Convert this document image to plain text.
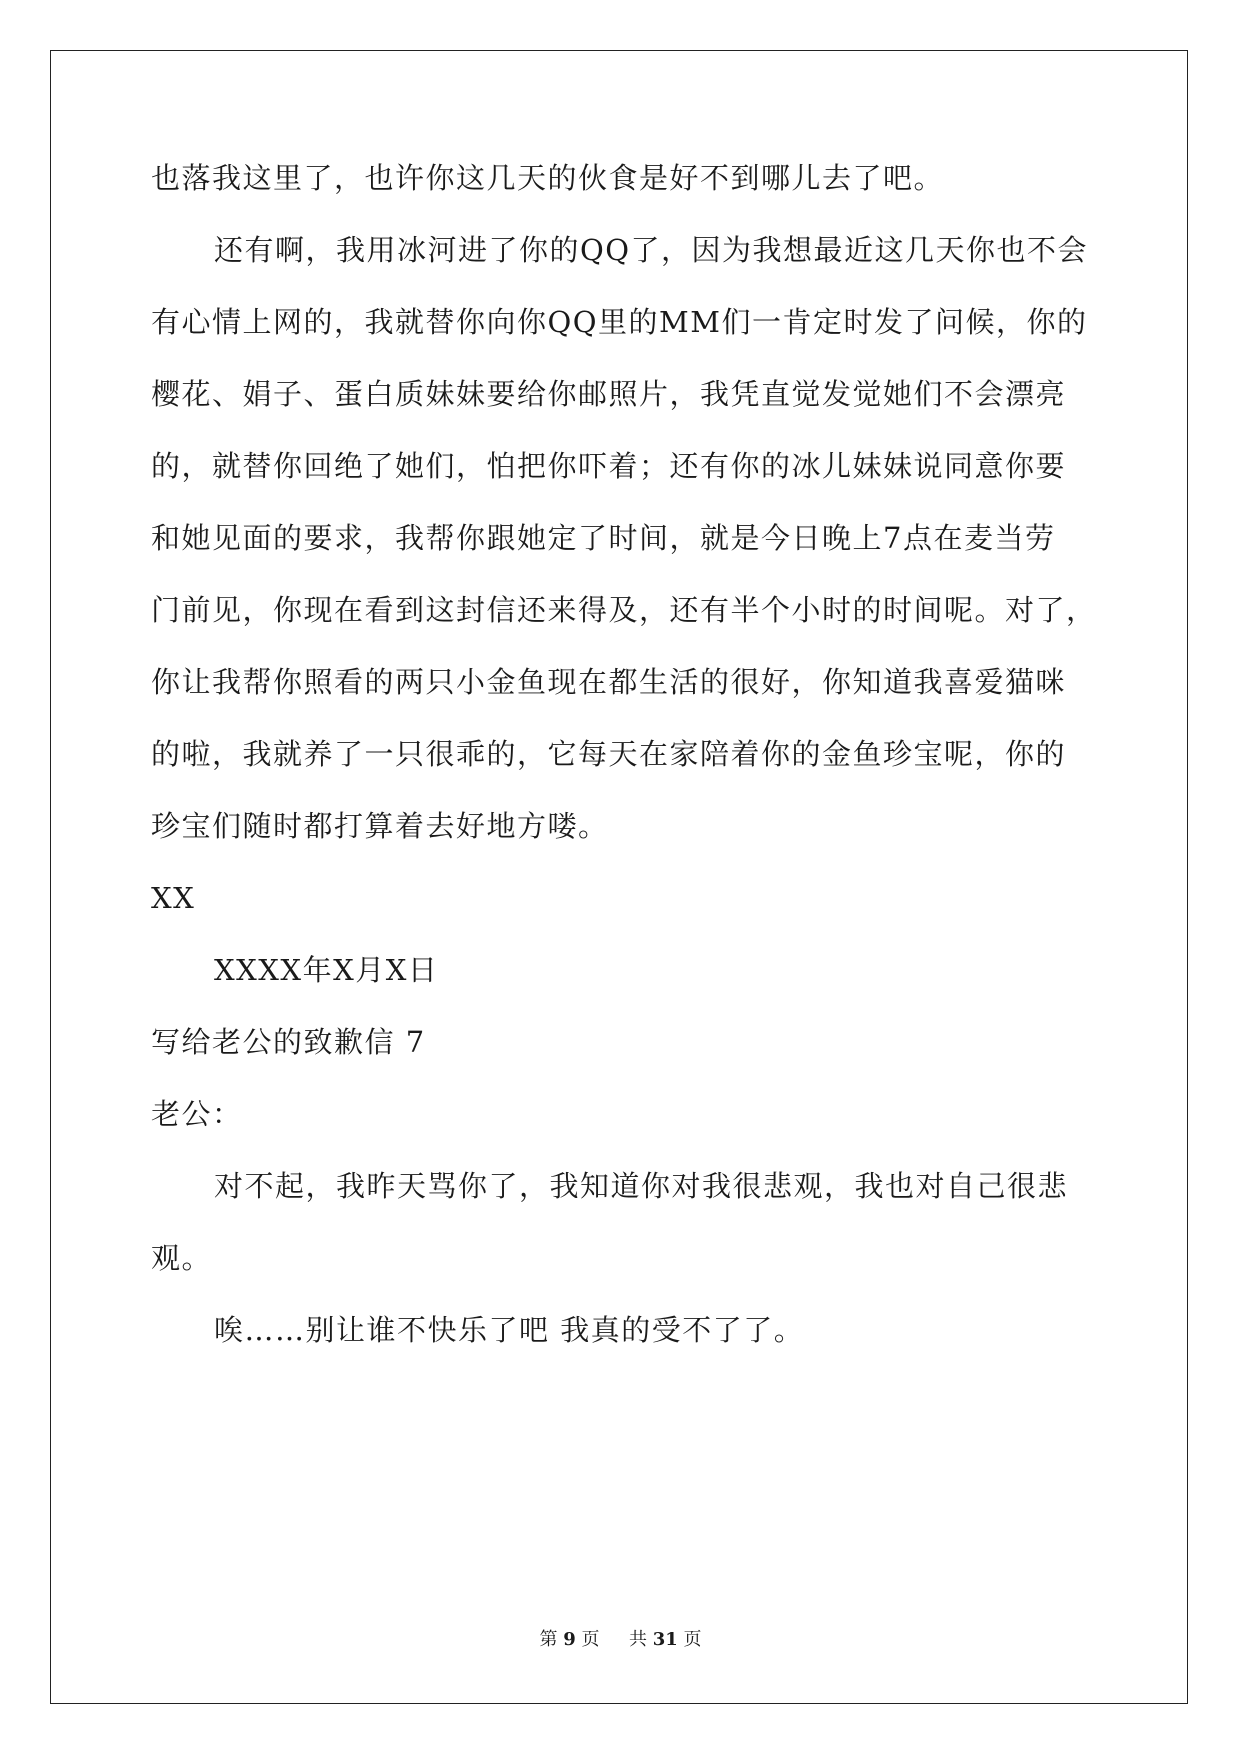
也落我这里了，也许你这几天的伙食是好不到哪儿去了吧。
还有啊，我用冰河进了你的QQ了，因为我想最近这几天你也不会
有心情上网的，我就替你向你QQ里的MM们一肯定时发了问候，你的
樱花、娟子、蛋白质妹妹要给你邮照片，我凭直觉发觉她们不会漂亮
的，就替你回绝了她们，怕把你吓着；还有你的冰儿妹妹说同意你要
和她见面的要求，我帮你跟她定了时间，就是今日晚上7点在麦当劳
门前见，你现在看到这封信还来得及，还有半个小时的时间呢。对了，
你让我帮你照看的两只小金鱼现在都生活的很好，你知道我喜爱猫咪
的啦，我就养了一只很乖的，它每天在家陪着你的金鱼珍宝呢，你的
珍宝们随时都打算着去好地方喽。
XX
XXXX年X月X日
写给老公的致歉信 7
老公：
对不起，我昨天骂你了，我知道你对我很悲观，我也对自己很悲
观。
唉……别让谁不快乐了吧 我真的受不了了。
第 9 页 共 31 页
